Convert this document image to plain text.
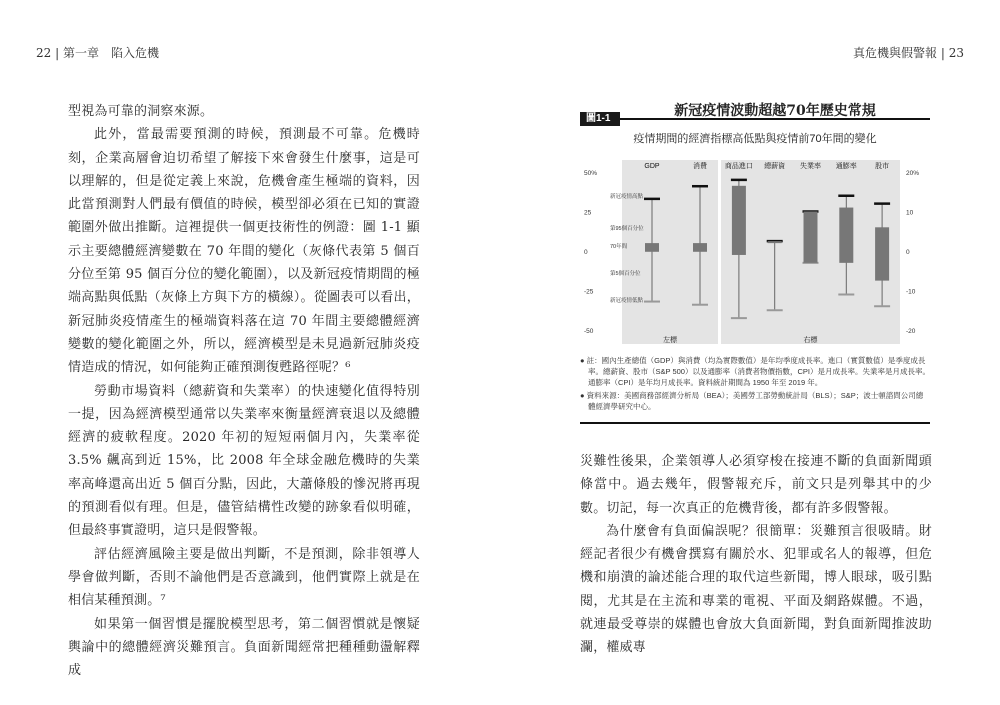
22 | 第一章　陷入危機	真危機與假警報 | 23

型視為可靠的洞察來源。

此外，當最需要預測的時候，預測最不可靠。危機時刻，企業高層會迫切希望了解接下來會發生什麼事，這是可以理解的，但是從定義上來說，危機會產生極端的資料，因此當預測對人們最有價值的時候，模型卻必須在已知的實證範圍外做出推斷。這裡提供一個更技術性的例證：圖 1-1 顯示主要總體經濟變數在 70 年間的變化（灰條代表第 5 個百分位至第 95 個百分位的變化範圍），以及新冠疫情期間的極端高點與低點（灰條上方與下方的橫線）。從圖表可以看出，新冠肺炎疫情產生的極端資料落在這 70 年間主要總體經濟變數的變化範圍之外，所以，經濟模型是未見過新冠肺炎疫情造成的情況，如何能夠正確預測復甦路徑呢？⁶

勞動市場資料（總薪資和失業率）的快速變化值得特別一提，因為經濟模型通常以失業率來衡量經濟衰退以及總體經濟的疲軟程度。2020 年初的短短兩個月內，失業率從 3.5% 飆高到近 15%，比 2008 年全球金融危機時的失業率高峰還高出近 5 個百分點，因此，大蕭條般的慘況將再現的預測看似有理。但是，儘管結構性改變的跡象看似明確，但最終事實證明，這只是假警報。

評估經濟風險主要是做出判斷，不是預測，除非領導人學會做判斷，否則不論他們是否意識到，他們實際上就是在相信某種預測。⁷

如果第一個習慣是擺脫模型思考，第二個習慣就是懷疑輿論中的總體經濟災難預言。負面新聞經常把種種動盪解釋成

圖1-1	新冠疫情波動超越70年歷史常規
疫情期間的經濟指標高低點與疫情前70年間的變化
50%
25
0
-25
-50
GDP	消費
左標
20%
10
0
-10
-20
商品進口 總薪資 失業率 通膨率	股市
右標
新冠疫情高點
第95個百分位
70年間
第5個百分位
新冠疫情低點
● 註：國內生產總值（GDP）與消費（均為實際數值）是年均季度成長率。進口（實質數值）是季度成長率。總薪資、股市（S&P 500）以及通膨率（消費者物價指數，CPI）是月成長率。失業率是月成長率。通膨率（CPI）是年均月成長率。資料統計期間為 1950 年至 2019 年。
● 資料來源：美國商務部經濟分析局（BEA）；美國勞工部勞動統計局（BLS）；S&P；波士頓諮問公司總體經濟學研究中心。

災難性後果，企業領導人必須穿梭在接連不斷的負面新聞頭條當中。過去幾年，假警報充斥，前文只是列舉其中的少數。切記，每一次真正的危機背後，都有許多假警報。

為什麼會有負面偏誤呢？很簡單：災難預言很吸睛。財經記者很少有機會撰寫有關於水、犯罪或名人的報導，但危機和崩潰的論述能合理的取代這些新聞，博人眼球，吸引點閱，尤其是在主流和專業的電視、平面及網路媒體。不過，就連最受尊崇的媒體也會放大負面新聞，對負面新聞推波助瀾，權威專
